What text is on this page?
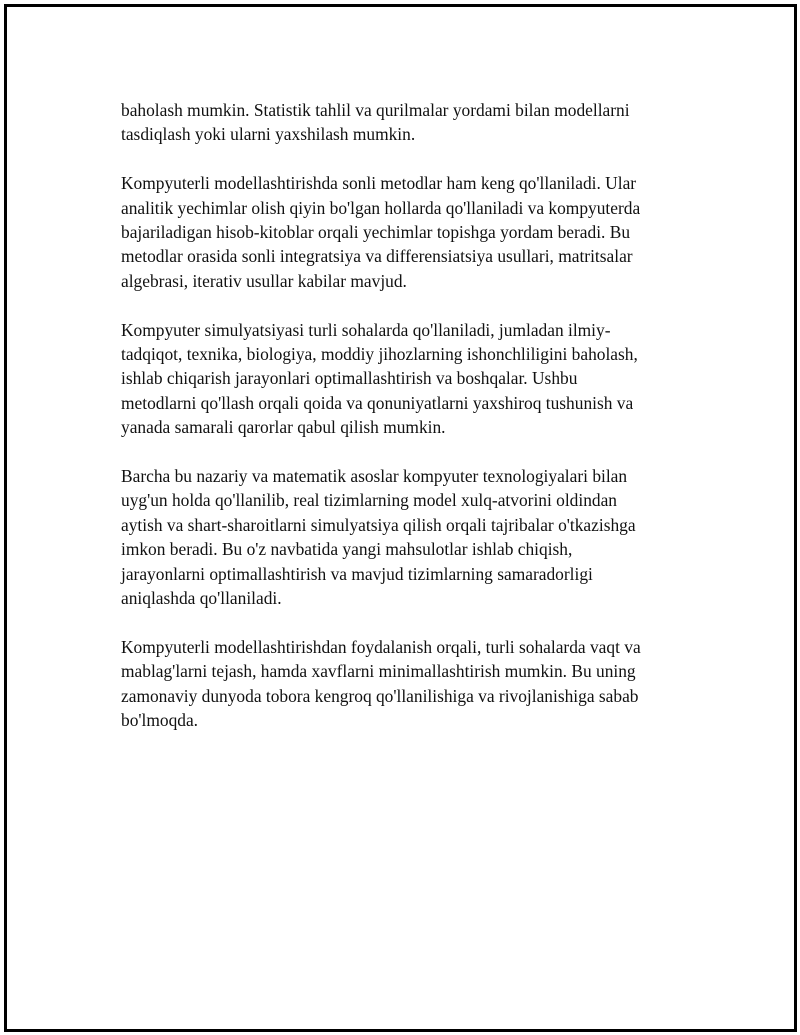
baholash mumkin. Statistik tahlil va qurilmalar yordami bilan modellarni
tasdiqlash yoki ularni yaxshilash mumkin.

Kompyuterli modellashtirishda sonli metodlar ham keng qo'llaniladi. Ular
analitik yechimlar olish qiyin bo'lgan hollarda qo'llaniladi va kompyuterda
bajariladigan hisob-kitoblar orqali yechimlar topishga yordam beradi. Bu
metodlar orasida sonli integratsiya va differensiatsiya usullari, matritsalar
algebrasi, iterativ usullar kabilar mavjud.

Kompyuter simulyatsiyasi turli sohalarda qo'llaniladi, jumladan ilmiy-
tadqiqot, texnika, biologiya, moddiy jihozlarning ishonchliligini baholash,
ishlab chiqarish jarayonlari optimallashtirish va boshqalar. Ushbu
metodlarni qo'llash orqali qoida va qonuniyatlarni yaxshiroq tushunish va
yanada samarali qarorlar qabul qilish mumkin.

Barcha bu nazariy va matematik asoslar kompyuter texnologiyalari bilan
uyg'un holda qo'llanilib, real tizimlarning model xulq-atvorini oldindan
aytish va shart-sharoitlarni simulyatsiya qilish orqali tajribalar o'tkazishga
imkon beradi. Bu o'z navbatida yangi mahsulotlar ishlab chiqish,
jarayonlarni optimallashtirish va mavjud tizimlarning samaradorligi
aniqlashda qo'llaniladi.

Kompyuterli modellashtirishdan foydalanish orqali, turli sohalarda vaqt va
mablag'larni tejash, hamda xavflarni minimallashtirish mumkin. Bu uning
zamonaviy dunyoda tobora kengroq qo'llanilishiga va rivojlanishiga sabab
bo'lmoqda.
